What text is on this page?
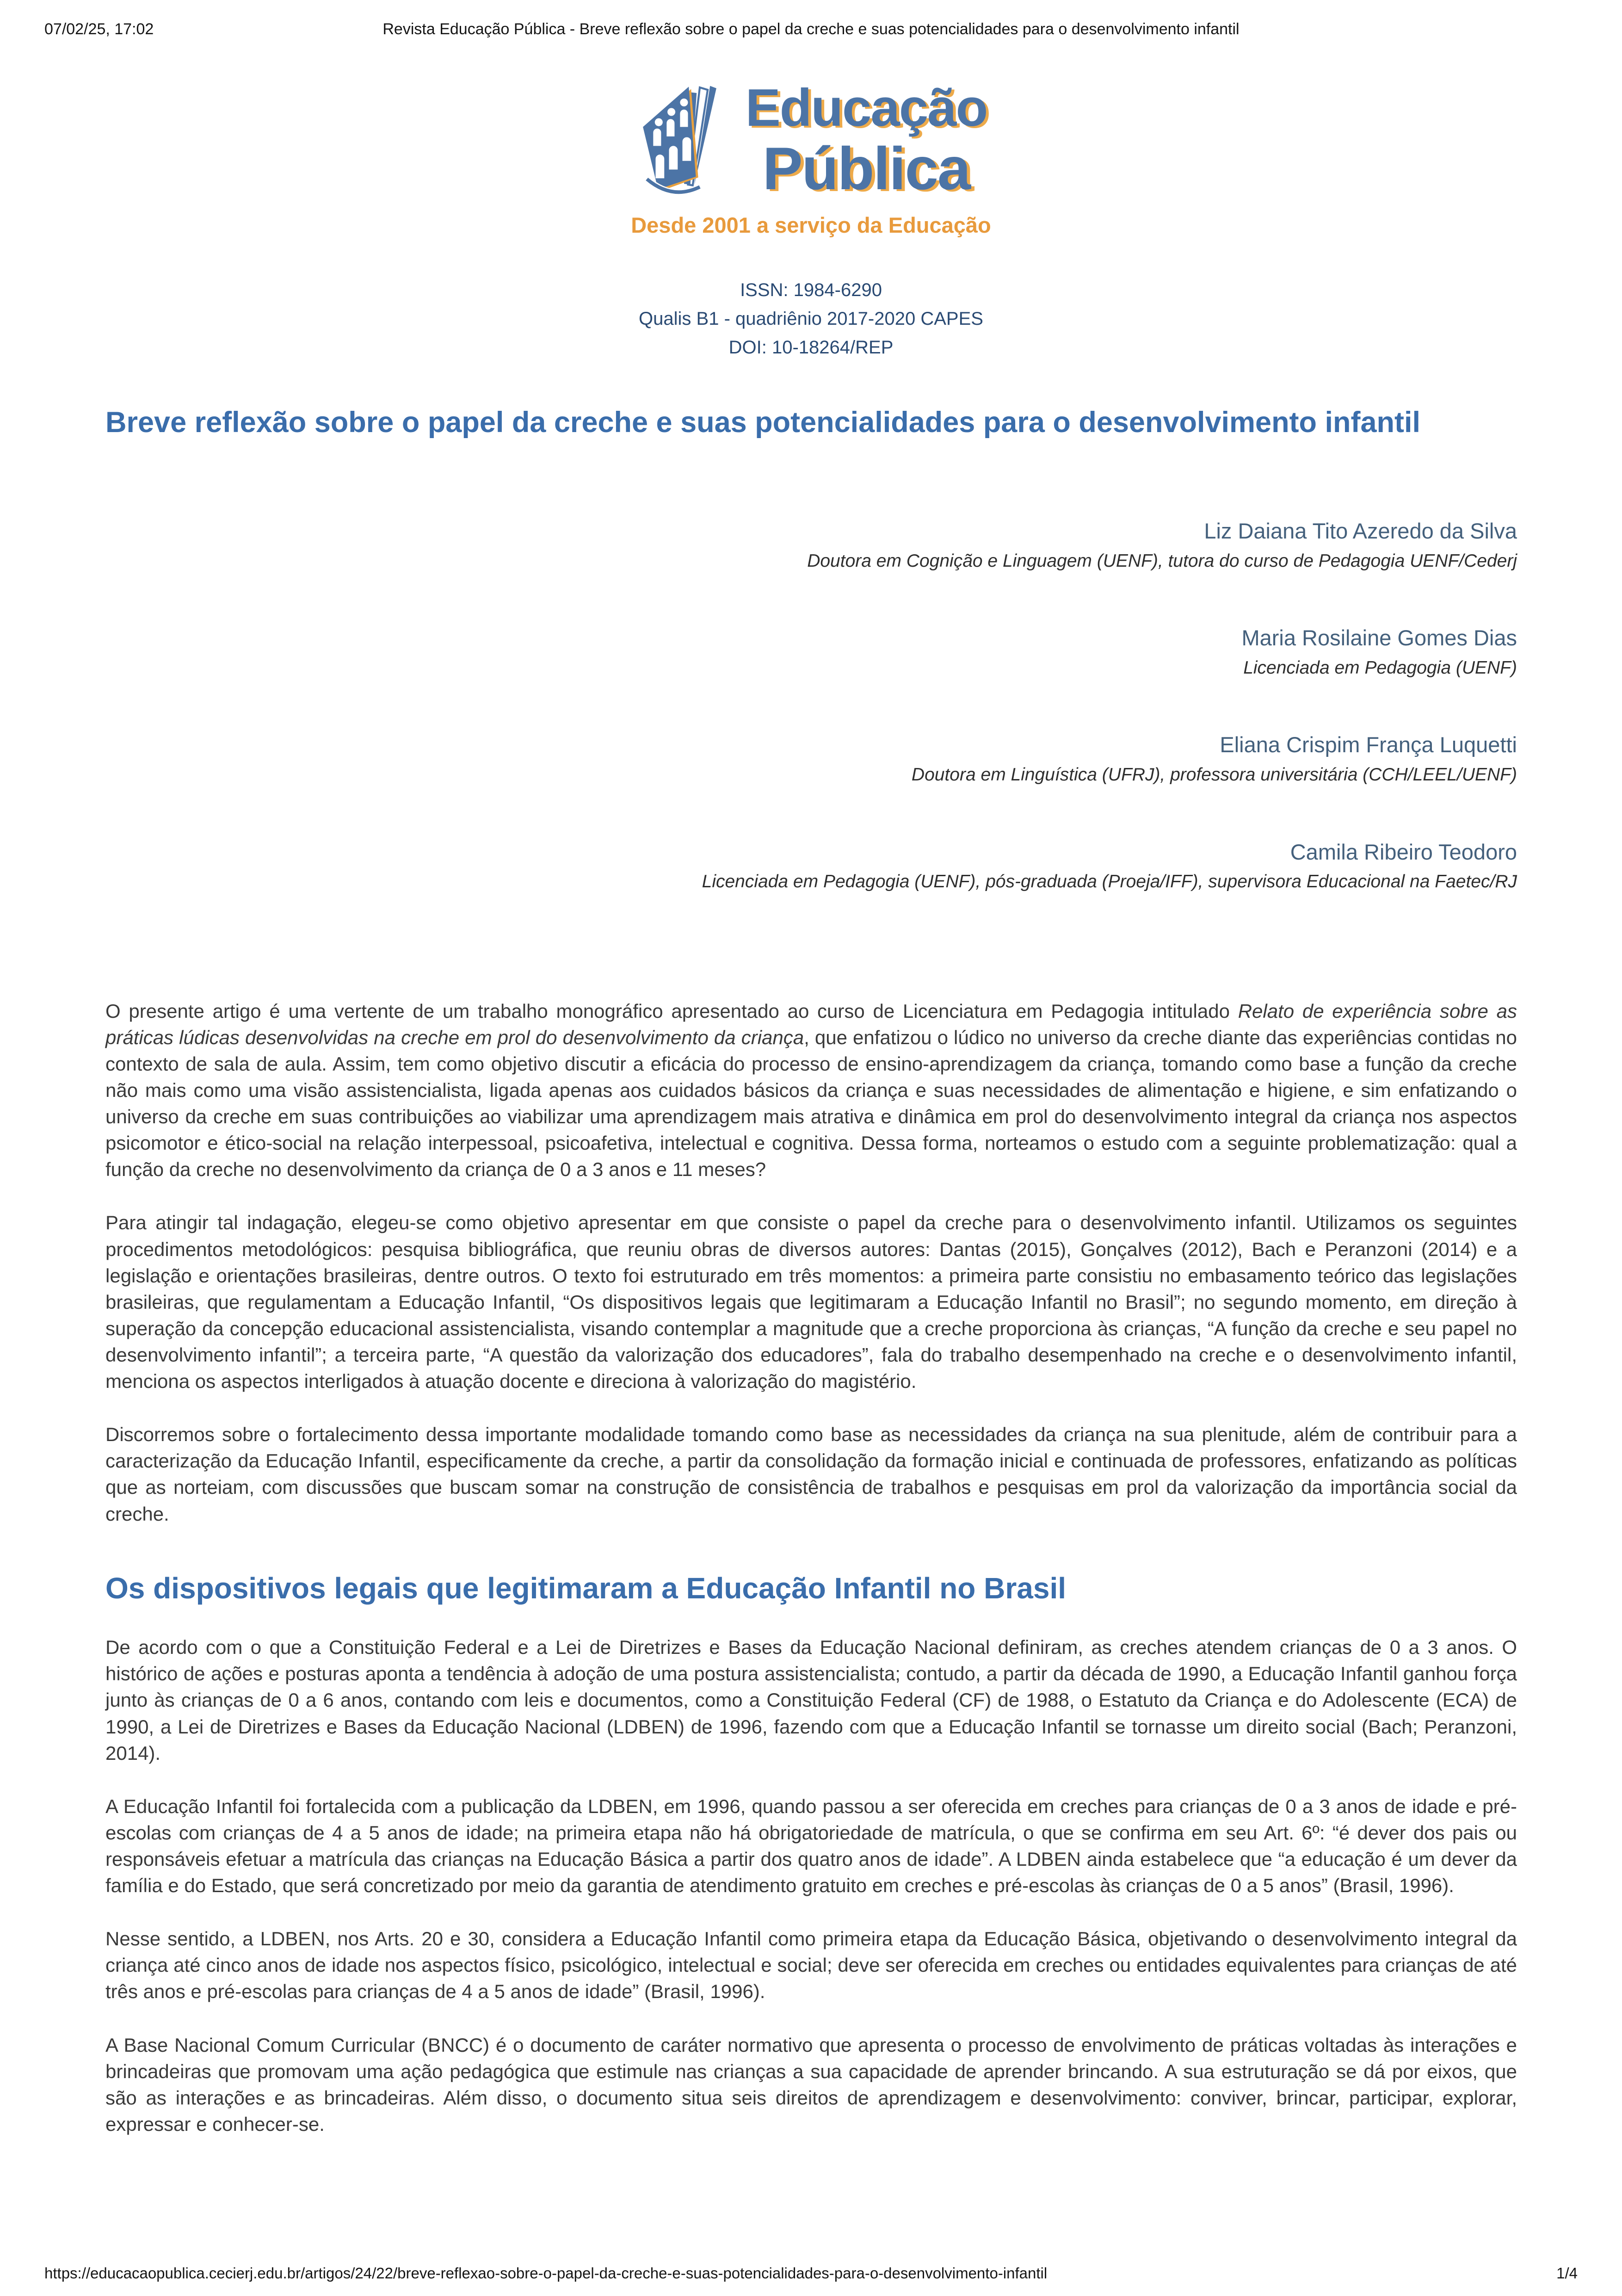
Revista Educação Pública - Breve reflexão sobre o papel da creche e suas potencialidades para o desenvolvimento infantil
07/02/25, 17:02
Educação
Pública
Desde 2001 a serviço da Educação
ISSN: 1984-6290
Qualis B1 - quadriênio 2017-2020 CAPES
DOI: 10-18264/REP
Breve reflexão sobre o papel da creche e suas potencialidades para o desenvolvimento infantil
Liz Daiana Tito Azeredo da Silva
Doutora em Cognição e Linguagem (UENF), tutora do curso de Pedagogia UENF/Cederj
Maria Rosilaine Gomes Dias
Licenciada em Pedagogia (UENF)
Eliana Crispim França Luquetti
Doutora em Linguística (UFRJ), professora universitária (CCH/LEEL/UENF)
Camila Ribeiro Teodoro
Licenciada em Pedagogia (UENF), pós-graduada (Proeja/IFF), supervisora Educacional na Faetec/RJ

O presente artigo é uma vertente de um trabalho monográfico apresentado ao curso de Licenciatura em Pedagogia intitulado Relato de experiência sobre as práticas lúdicas desenvolvidas na creche em prol do desenvolvimento da criança, que enfatizou o lúdico no universo da creche diante das experiências contidas no contexto de sala de aula. Assim, tem como objetivo discutir a eficácia do processo de ensino-aprendizagem da criança, tomando como base a função da creche não mais como uma visão assistencialista, ligada apenas aos cuidados básicos da criança e suas necessidades de alimentação e higiene, e sim enfatizando o universo da creche em suas contribuições ao viabilizar uma aprendizagem mais atrativa e dinâmica em prol do desenvolvimento integral da criança nos aspectos psicomotor e ético-social na relação interpessoal, psicoafetiva, intelectual e cognitiva. Dessa forma, norteamos o estudo com a seguinte problematização: qual a função da creche no desenvolvimento da criança de 0 a 3 anos e 11 meses?

Para atingir tal indagação, elegeu-se como objetivo apresentar em que consiste o papel da creche para o desenvolvimento infantil. Utilizamos os seguintes procedimentos metodológicos: pesquisa bibliográfica, que reuniu obras de diversos autores: Dantas (2015), Gonçalves (2012), Bach e Peranzoni (2014) e a legislação e orientações brasileiras, dentre outros. O texto foi estruturado em três momentos: a primeira parte consistiu no embasamento teórico das legislações brasileiras, que regulamentam a Educação Infantil, “Os dispositivos legais que legitimaram a Educação Infantil no Brasil”; no segundo momento, em direção à superação da concepção educacional assistencialista, visando contemplar a magnitude que a creche proporciona às crianças, “A função da creche e seu papel no desenvolvimento infantil”; a terceira parte, “A questão da valorização dos educadores”, fala do trabalho desempenhado na creche e o desenvolvimento infantil, menciona os aspectos interligados à atuação docente e direciona à valorização do magistério.

Discorremos sobre o fortalecimento dessa importante modalidade tomando como base as necessidades da criança na sua plenitude, além de contribuir para a caracterização da Educação Infantil, especificamente da creche, a partir da consolidação da formação inicial e continuada de professores, enfatizando as políticas que as norteiam, com discussões que buscam somar na construção de consistência de trabalhos e pesquisas em prol da valorização da importância social da creche.

Os dispositivos legais que legitimaram a Educação Infantil no Brasil

De acordo com o que a Constituição Federal e a Lei de Diretrizes e Bases da Educação Nacional definiram, as creches atendem crianças de 0 a 3 anos. O histórico de ações e posturas aponta a tendência à adoção de uma postura assistencialista; contudo, a partir da década de 1990, a Educação Infantil ganhou força junto às crianças de 0 a 6 anos, contando com leis e documentos, como a Constituição Federal (CF) de 1988, o Estatuto da Criança e do Adolescente (ECA) de 1990, a Lei de Diretrizes e Bases da Educação Nacional (LDBEN) de 1996, fazendo com que a Educação Infantil se tornasse um direito social (Bach; Peranzoni, 2014).

A Educação Infantil foi fortalecida com a publicação da LDBEN, em 1996, quando passou a ser oferecida em creches para crianças de 0 a 3 anos de idade e pré-escolas com crianças de 4 a 5 anos de idade; na primeira etapa não há obrigatoriedade de matrícula, o que se confirma em seu Art. 6º: “é dever dos pais ou responsáveis efetuar a matrícula das crianças na Educação Básica a partir dos quatro anos de idade”. A LDBEN ainda estabelece que “a educação é um dever da família e do Estado, que será concretizado por meio da garantia de atendimento gratuito em creches e pré-escolas às crianças de 0 a 5 anos” (Brasil, 1996).

Nesse sentido, a LDBEN, nos Arts. 20 e 30, considera a Educação Infantil como primeira etapa da Educação Básica, objetivando o desenvolvimento integral da criança até cinco anos de idade nos aspectos físico, psicológico, intelectual e social; deve ser oferecida em creches ou entidades equivalentes para crianças de até três anos e pré-escolas para crianças de 4 a 5 anos de idade” (Brasil, 1996).

A Base Nacional Comum Curricular (BNCC) é o documento de caráter normativo que apresenta o processo de envolvimento de práticas voltadas às interações e brincadeiras que promovam uma ação pedagógica que estimule nas crianças a sua capacidade de aprender brincando. A sua estruturação se dá por eixos, que são as interações e as brincadeiras. Além disso, o documento situa seis direitos de aprendizagem e desenvolvimento: conviver, brincar, participar, explorar, expressar e conhecer-se.

https://educacaopublica.cecierj.edu.br/artigos/24/22/breve-reflexao-sobre-o-papel-da-creche-e-suas-potencialidades-para-o-desenvolvimento-infantil	1/4
